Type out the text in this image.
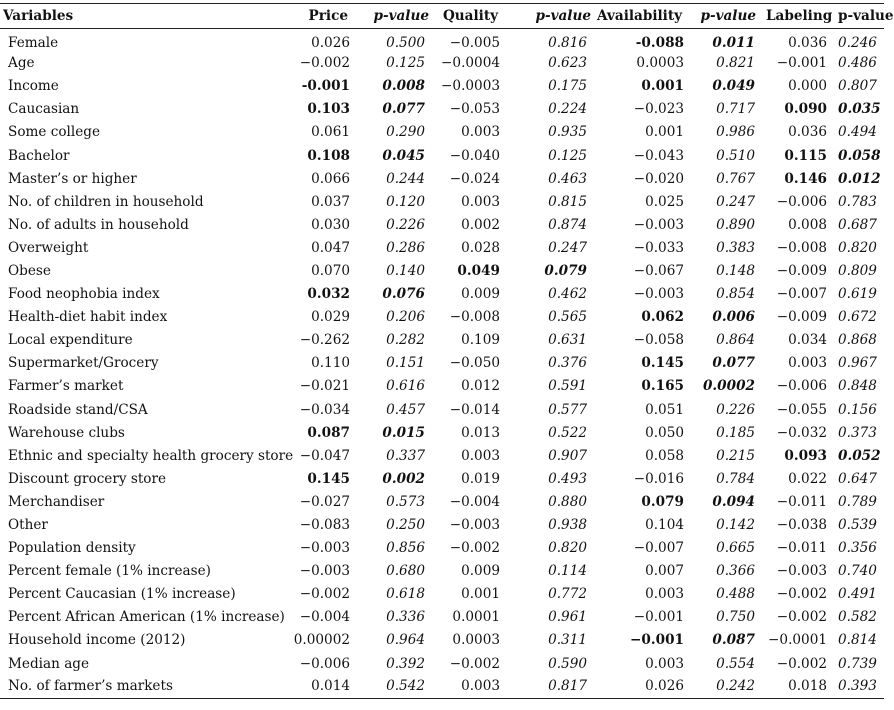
Variables	Price	p-value	Quality	p-value	Availability	p-value	Labeling	p-value
Female	0.026	0.500	−0.005	0.816	-0.088	0.011	0.036	0.246
Age	−0.002	0.125	−0.0004	0.623	0.0003	0.821	−0.001	0.486
Income	-0.001	0.008	−0.0003	0.175	0.001	0.049	0.000	0.807
Caucasian	0.103	0.077	−0.053	0.224	−0.023	0.717	0.090	0.035
Some college	0.061	0.290	0.003	0.935	0.001	0.986	0.036	0.494
Bachelor	0.108	0.045	−0.040	0.125	−0.043	0.510	0.115	0.058
Master’s or higher	0.066	0.244	−0.024	0.463	−0.020	0.767	0.146	0.012
No. of children in household	0.037	0.120	0.003	0.815	0.025	0.247	−0.006	0.783
No. of adults in household	0.030	0.226	0.002	0.874	−0.003	0.890	0.008	0.687
Overweight	0.047	0.286	0.028	0.247	−0.033	0.383	−0.008	0.820
Obese	0.070	0.140	0.049	0.079	−0.067	0.148	−0.009	0.809
Food neophobia index	0.032	0.076	0.009	0.462	−0.003	0.854	−0.007	0.619
Health-diet habit index	0.029	0.206	−0.008	0.565	0.062	0.006	−0.009	0.672
Local expenditure	−0.262	0.282	0.109	0.631	−0.058	0.864	0.034	0.868
Supermarket/Grocery	0.110	0.151	−0.050	0.376	0.145	0.077	0.003	0.967
Farmer’s market	−0.021	0.616	0.012	0.591	0.165	0.0002	−0.006	0.848
Roadside stand/CSA	−0.034	0.457	−0.014	0.577	0.051	0.226	−0.055	0.156
Warehouse clubs	0.087	0.015	0.013	0.522	0.050	0.185	−0.032	0.373
Ethnic and specialty health grocery store	−0.047	0.337	0.003	0.907	0.058	0.215	0.093	0.052
Discount grocery store	0.145	0.002	0.019	0.493	−0.016	0.784	0.022	0.647
Merchandiser	−0.027	0.573	−0.004	0.880	0.079	0.094	−0.011	0.789
Other	−0.083	0.250	−0.003	0.938	0.104	0.142	−0.038	0.539
Population density	−0.003	0.856	−0.002	0.820	−0.007	0.665	−0.011	0.356
Percent female (1% increase)	−0.003	0.680	0.009	0.114	0.007	0.366	−0.003	0.740
Percent Caucasian (1% increase)	−0.002	0.618	0.001	0.772	0.003	0.488	−0.002	0.491
Percent African American (1% increase)	−0.004	0.336	0.0001	0.961	−0.001	0.750	−0.002	0.582
Household income (2012)	0.00002	0.964	0.0003	0.311	−0.001	0.087	−0.0001	0.814
Median age	−0.006	0.392	−0.002	0.590	0.003	0.554	−0.002	0.739
No. of farmer’s markets	0.014	0.542	0.003	0.817	0.026	0.242	0.018	0.393
